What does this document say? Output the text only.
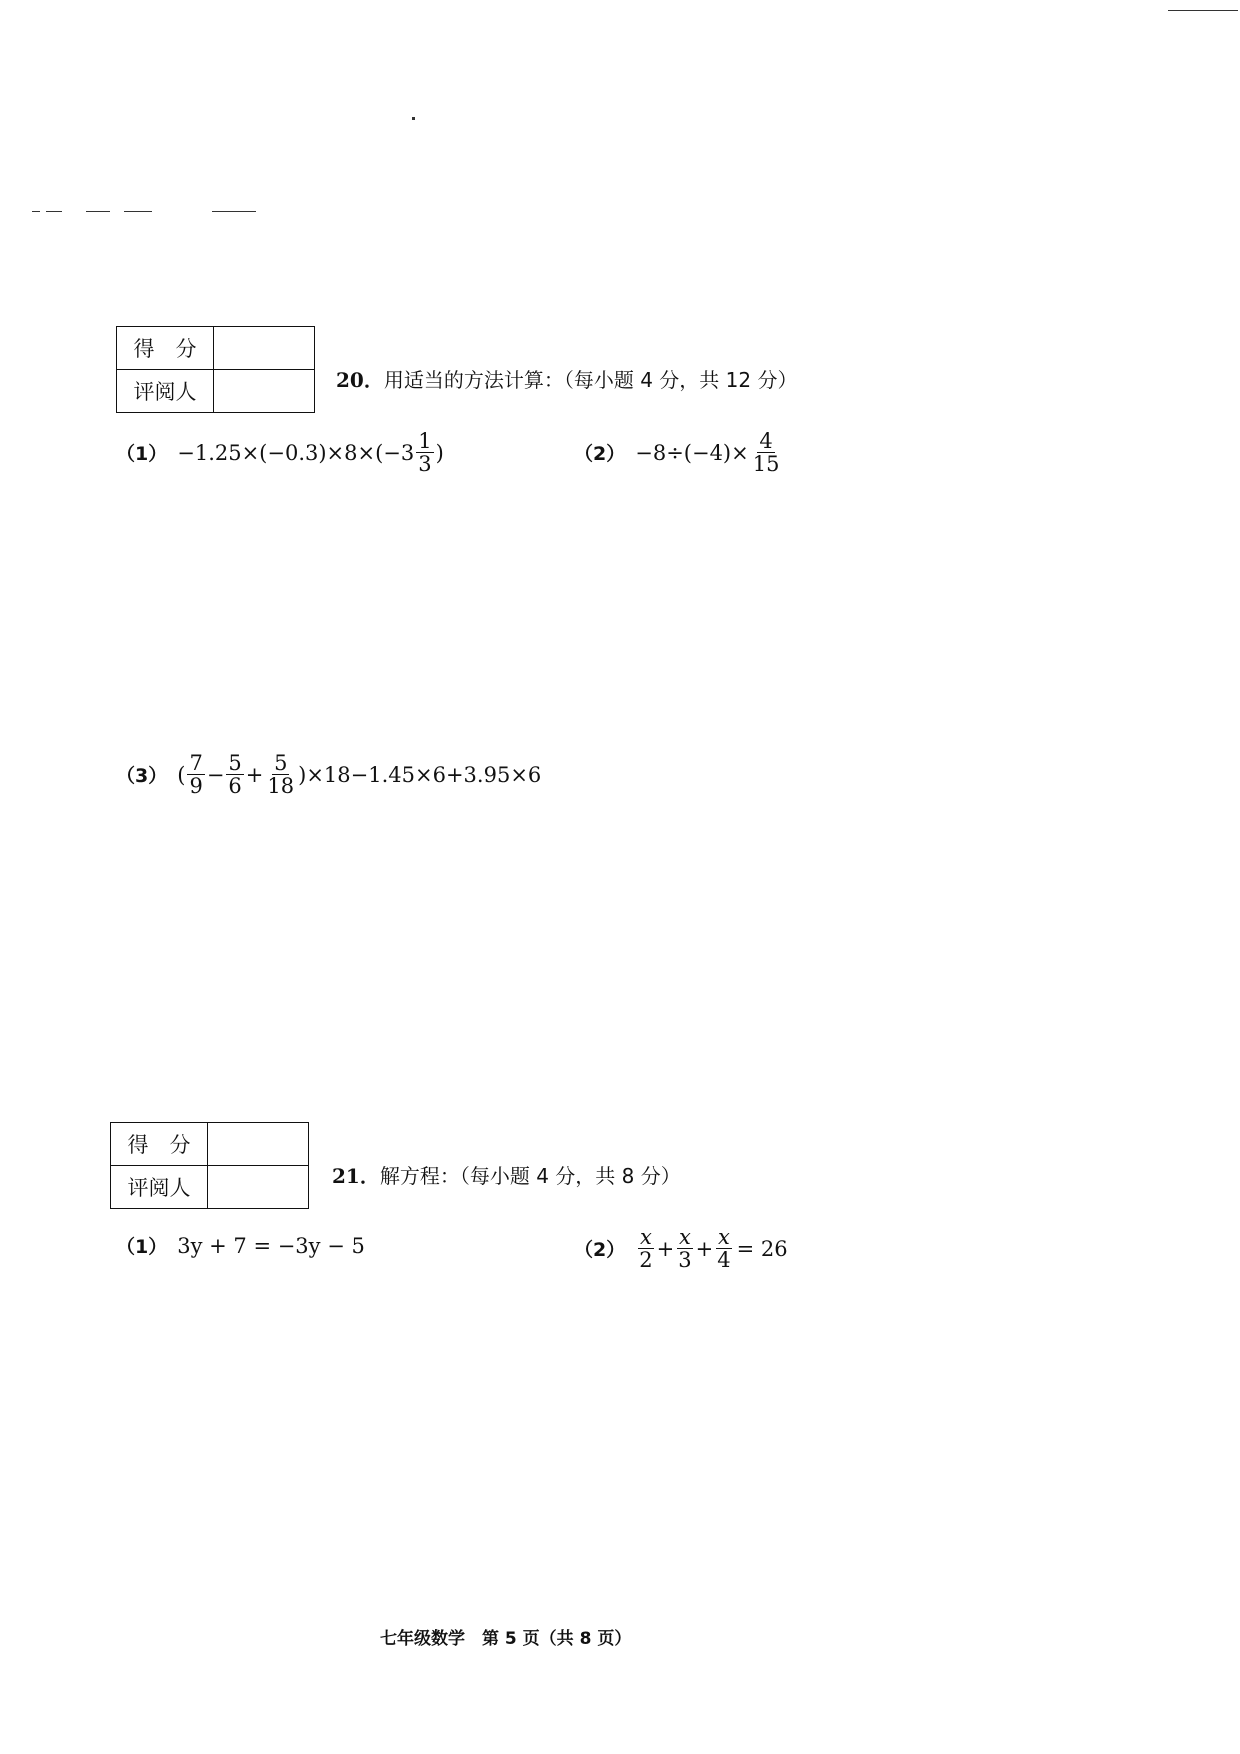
得　分	
评阅人		20．用适当的方法计算：（每小题 4 分，共 12 分）
$(1) -1.25\times(-0.3)\times 8\times(-3 \frac{1}{3}$ )	$(2) -8\div(-4)\times \frac{4}{15}$
（3） ( $\frac{7}{9} - \frac{5}{6} + \frac{5}{18} )\times 18-1.45\times 6+3.95\times 6$
得　分	
评阅人		21．解方程：（每小题 4 分，共 8 分）
（1） 3y + 7 = −3y − 5	$(2) \frac{x}{2} + \frac{x}{3} + \frac{x}{4} = 26$
七年级数学　第 5 页（共 8 页）
